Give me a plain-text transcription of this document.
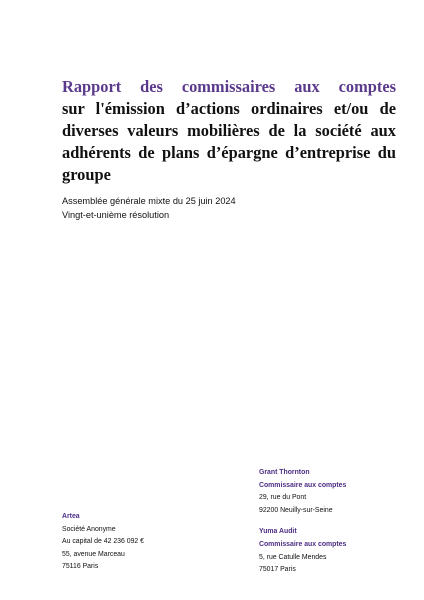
Rapport des commissaires aux comptes
sur l'émission d’actions ordinaires et/ou de
diverses valeurs mobilières de la société aux
adhérents de plans d’épargne d’entreprise du
groupe
Assemblée générale mixte du 25 juin 2024
Vingt-et-unième résolution
Grant Thornton
Commissaire aux comptes
29, rue du Pont
92200 Neuilly-sur-Seine
Yuma Audit
Commissaire aux comptes
5, rue Catulle Mendes
75017 Paris
Artea
Société Anonyme
Au capital de 42 236 092 €
55, avenue Marceau
75116 Paris
